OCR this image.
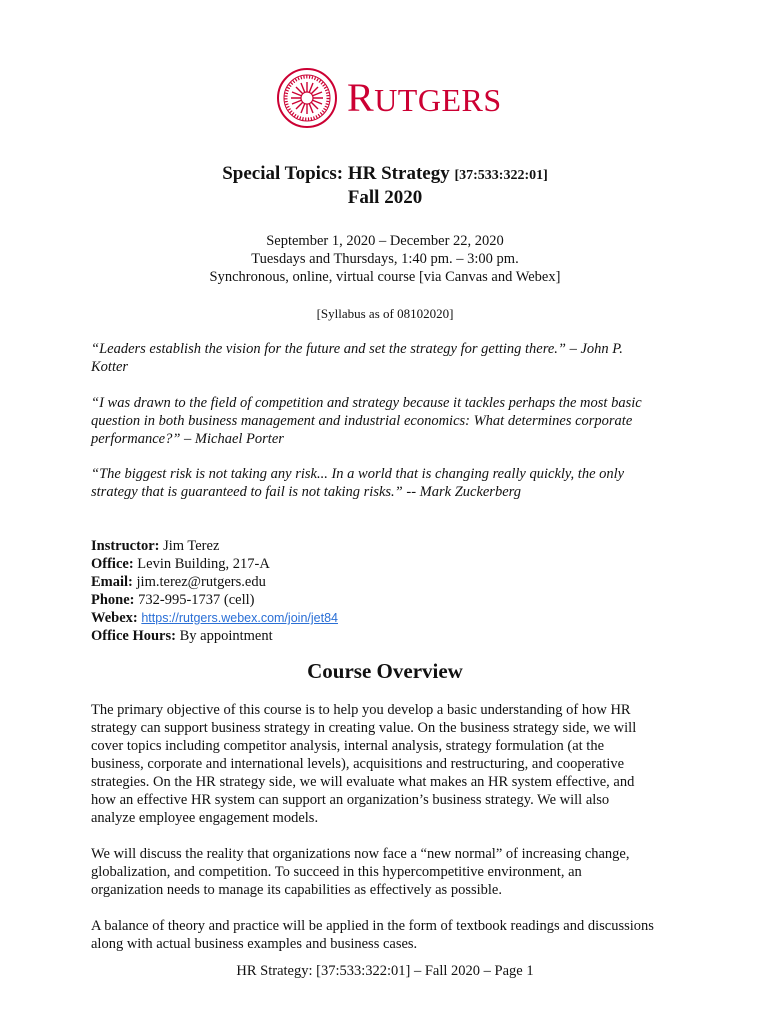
RUTGERS
Special Topics: HR Strategy [37:533:322:01]
Fall 2020
September 1, 2020 – December 22, 2020
Tuesdays and Thursdays, 1:40 pm. – 3:00 pm.
Synchronous, online, virtual course [via Canvas and Webex]
[Syllabus as of 08102020]
“Leaders establish the vision for the future and set the strategy for getting there.” – John P.
Kotter
“I was drawn to the field of competition and strategy because it tackles perhaps the most basic
question in both business management and industrial economics: What determines corporate
performance?” – Michael Porter
“The biggest risk is not taking any risk... In a world that is changing really quickly, the only
strategy that is guaranteed to fail is not taking risks.” -- Mark Zuckerberg
Instructor: Jim Terez
Office: Levin Building, 217-A
Email: jim.terez@rutgers.edu
Phone: 732-995-1737 (cell)
Webex: https://rutgers.webex.com/join/jet84
Office Hours: By appointment
Course Overview
The primary objective of this course is to help you develop a basic understanding of how HR
strategy can support business strategy in creating value. On the business strategy side, we will
cover topics including competitor analysis, internal analysis, strategy formulation (at the
business, corporate and international levels), acquisitions and restructuring, and cooperative
strategies. On the HR strategy side, we will evaluate what makes an HR system effective, and
how an effective HR system can support an organization’s business strategy. We will also
analyze employee engagement models.
We will discuss the reality that organizations now face a “new normal” of increasing change,
globalization, and competition. To succeed in this hypercompetitive environment, an
organization needs to manage its capabilities as effectively as possible.
A balance of theory and practice will be applied in the form of textbook readings and discussions
along with actual business examples and business cases.
HR Strategy: [37:533:322:01] – Fall 2020 – Page 1
